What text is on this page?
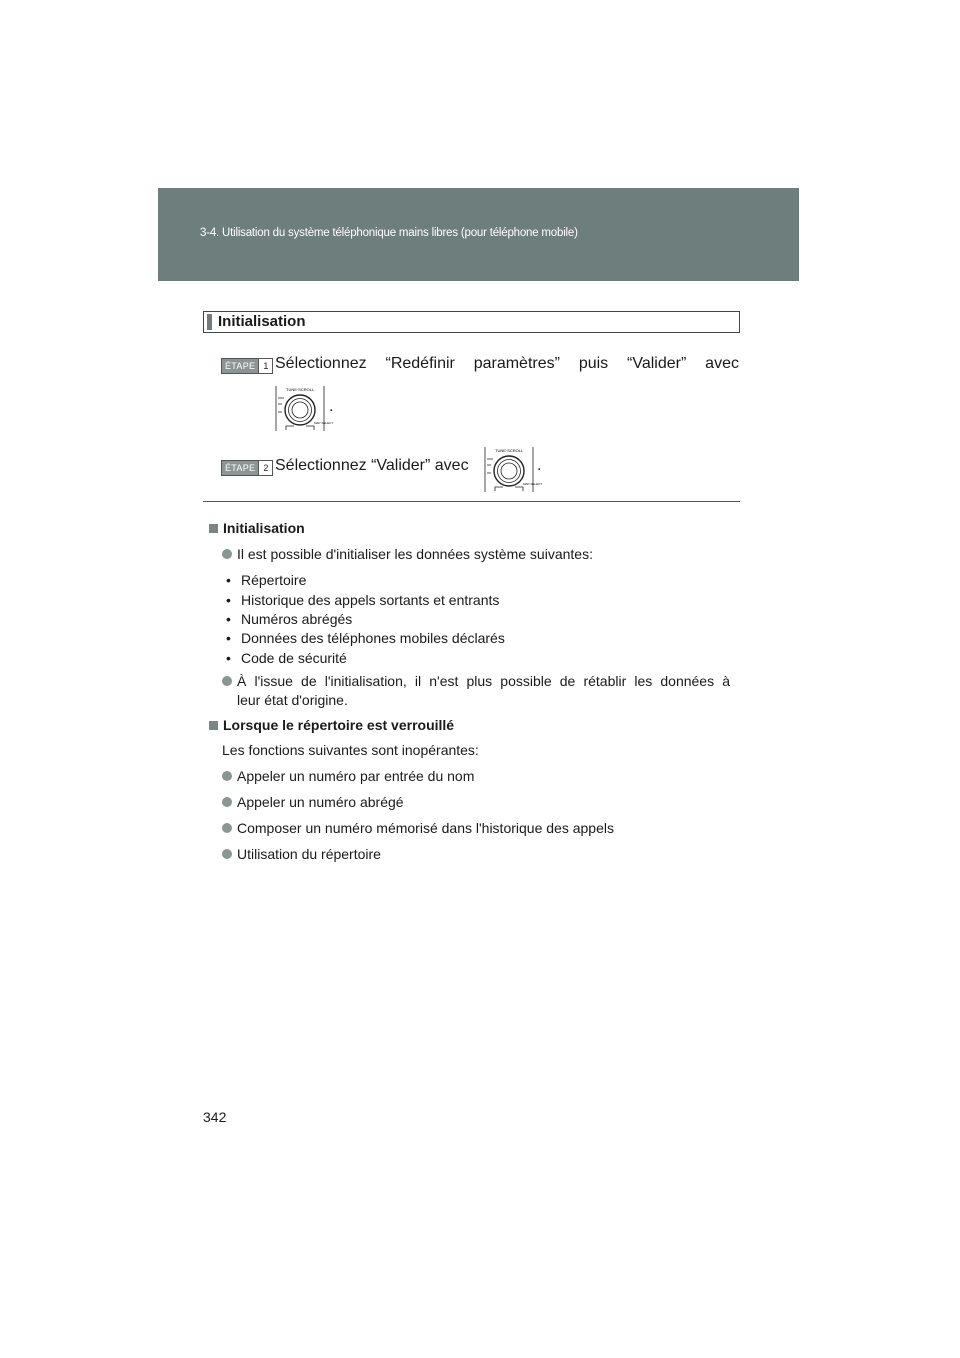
3-4. Utilisation du système téléphonique mains libres (pour téléphone mobile)
Initialisation
ÉTAPE 1 Sélectionnez “Redéfinir paramètres” puis “Valider” avec
TUNE·SCROLL
MAP·SELECT
.
ÉTAPE 2 Sélectionnez “Valider” avec
TUNE·SCROLL
MAP·SELECT
.
Initialisation
Il est possible d'initialiser les données système suivantes:
• Répertoire
• Historique des appels sortants et entrants
• Numéros abrégés
• Données des téléphones mobiles déclarés
• Code de sécurité
À l'issue de l'initialisation, il n'est plus possible de rétablir les données à
leur état d'origine.
Lorsque le répertoire est verrouillé
Les fonctions suivantes sont inopérantes:
Appeler un numéro par entrée du nom
Appeler un numéro abrégé
Composer un numéro mémorisé dans l'historique des appels
Utilisation du répertoire
342
